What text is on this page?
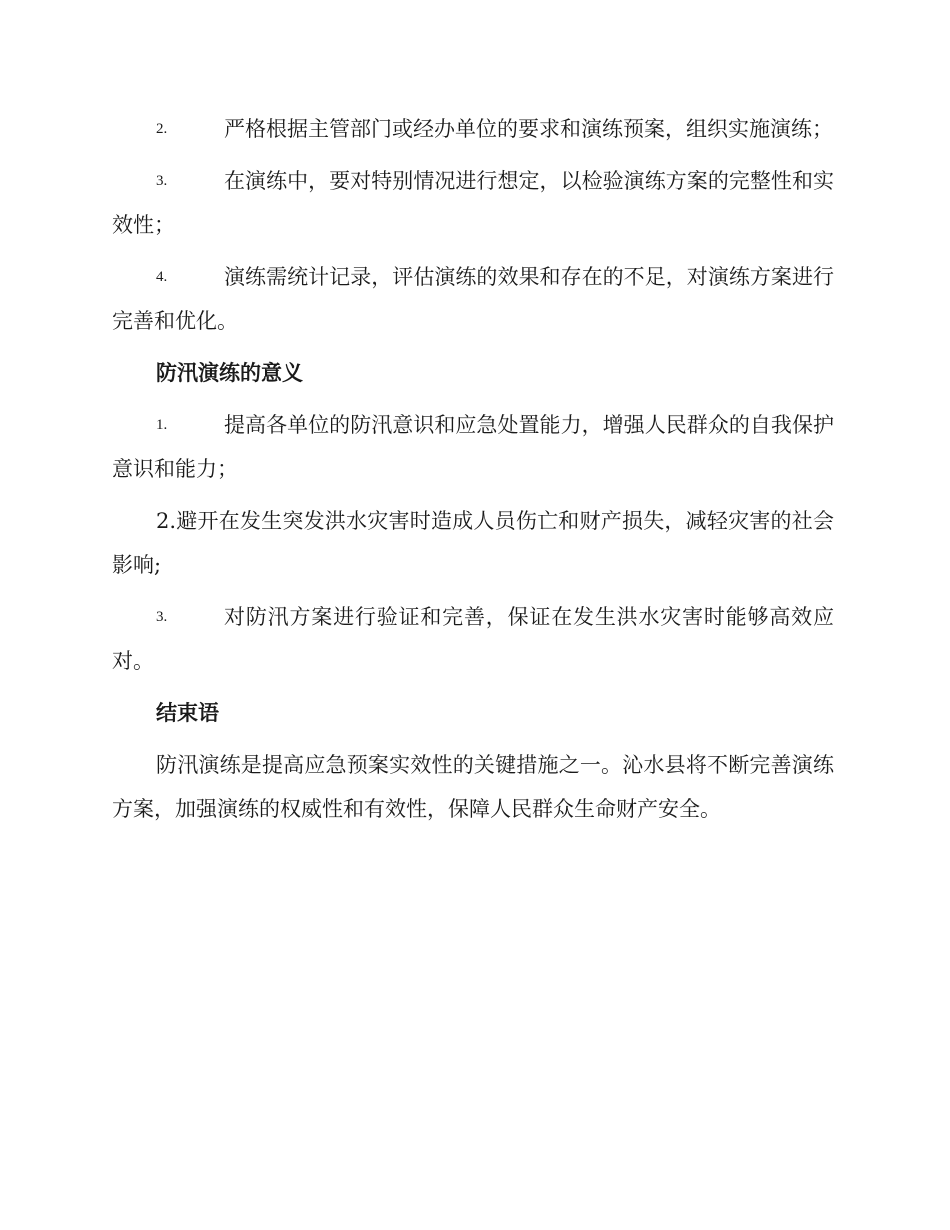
2.	严格根据主管部门或经办单位的要求和演练预案，组织实施演练；

3.	在演练中，要对特别情况进行想定，以检验演练方案的完整性和实效性；

4.	演练需统计记录，评估演练的效果和存在的不足，对演练方案进行完善和优化。

防汛演练的意义

1.	提高各单位的防汛意识和应急处置能力，增强人民群众的自我保护意识和能力；

2.避开在发生突发洪水灾害时造成人员伤亡和财产损失，减轻灾害的社会影响;

3.	对防汛方案进行验证和完善，保证在发生洪水灾害时能够高效应对。

结束语

防汛演练是提高应急预案实效性的关键措施之一。沁水县将不断完善演练方案，加强演练的权威性和有效性，保障人民群众生命财产安全。
